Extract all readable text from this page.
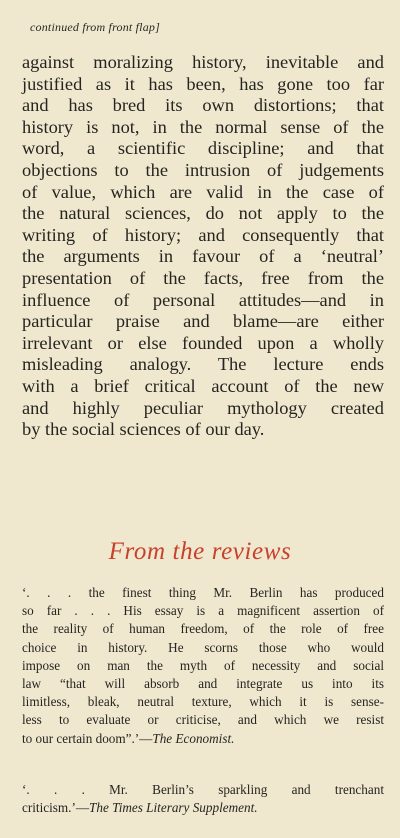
continued from front flap]
against moralizing history, inevitable and
justified as it has been, has gone too far
and has bred its own distortions; that
history is not, in the normal sense of the
word, a scientific discipline; and that
objections to the intrusion of judgements
of value, which are valid in the case of
the natural sciences, do not apply to the
writing of history; and consequently that
the arguments in favour of a ‘neutral’
presentation of the facts, free from the
influence of personal attitudes—and in
particular praise and blame—are either
irrelevant or else founded upon a wholly
misleading analogy. The lecture ends
with a brief critical account of the new
and highly peculiar mythology created
by the social sciences of our day.
From the reviews
‘. . . the finest thing Mr. Berlin has produced
so far . . . His essay is a magnificent assertion of
the reality of human freedom, of the role of free
choice in history. He scorns those who would
impose on man the myth of necessity and social
law “that will absorb and integrate us into its
limitless, bleak, neutral texture, which it is sense-
less to evaluate or criticise, and which we resist
to our certain doom”.’—The Economist.
‘. . . Mr. Berlin’s sparkling and trenchant
criticism.’—The Times Literary Supplement.
